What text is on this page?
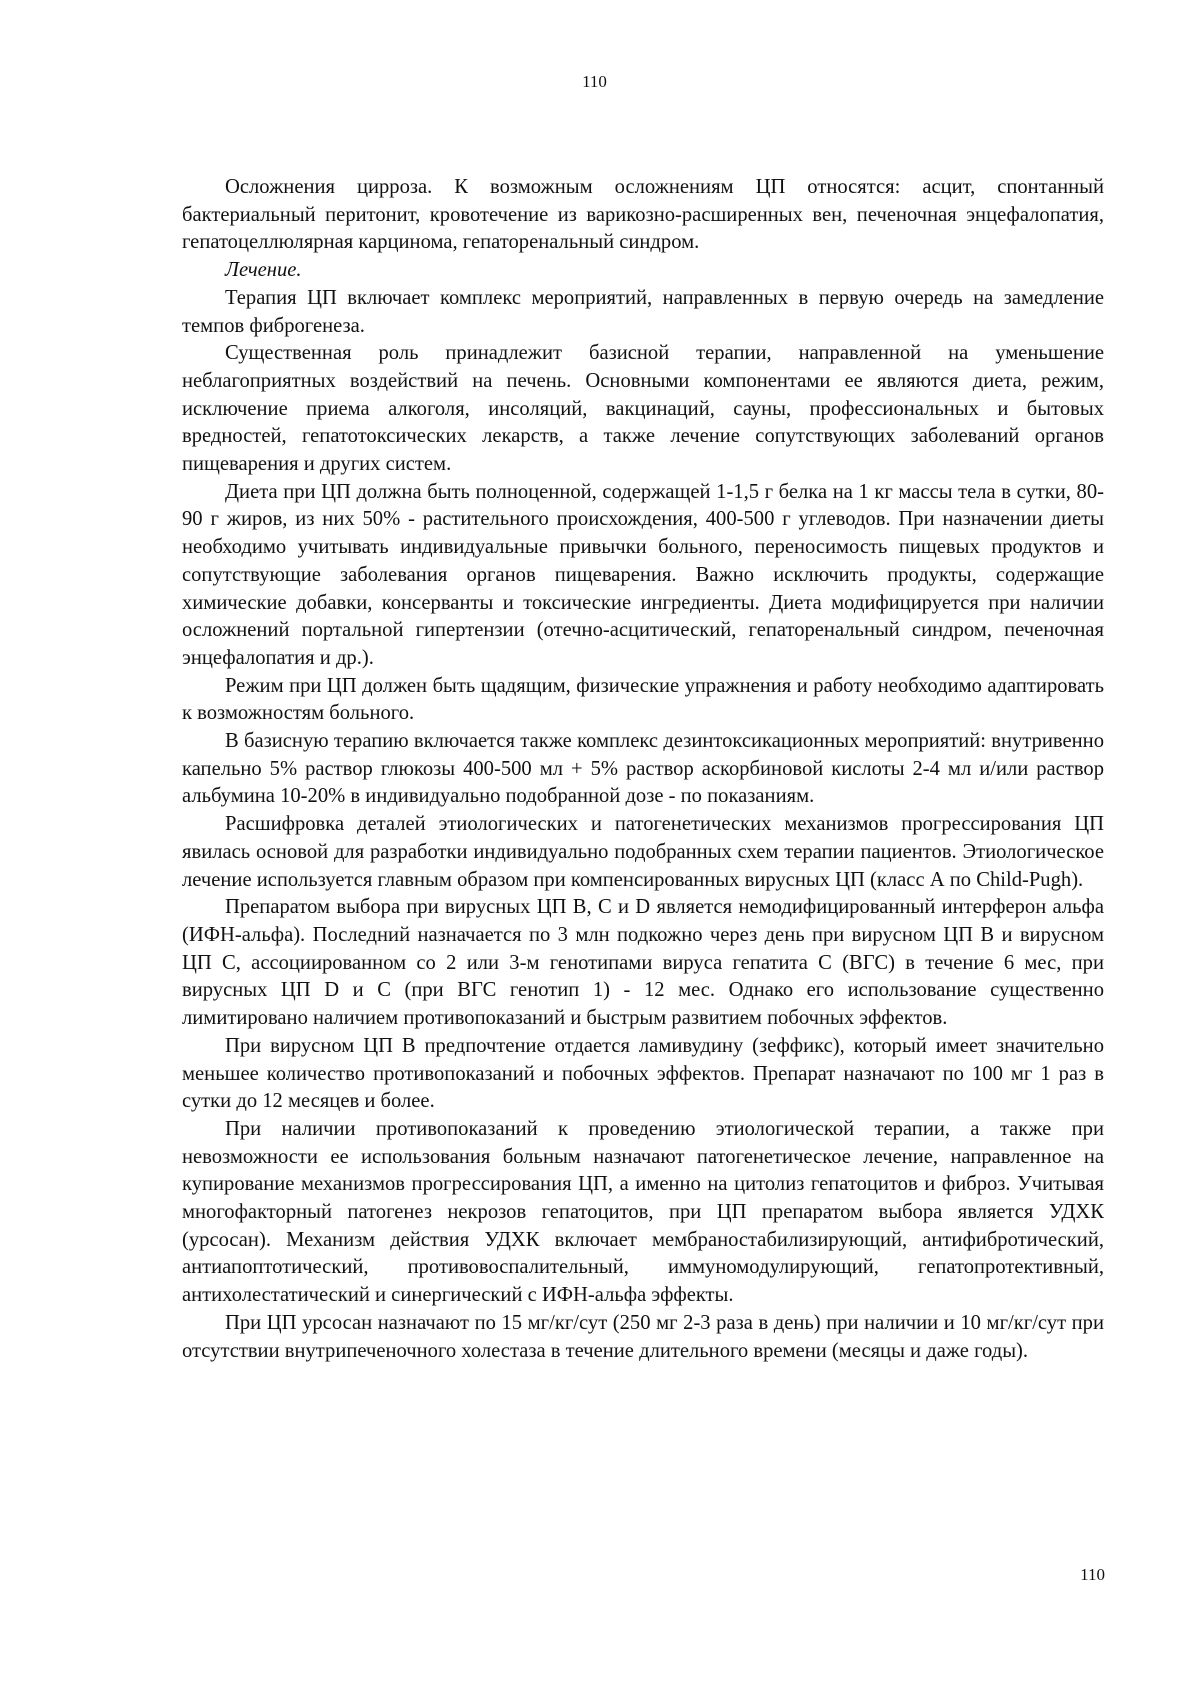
110

Осложнения цирроза. К возможным осложнениям ЦП относятся: асцит, спонтанный бактериальный перитонит, кровотечение из варикозно-расширенных вен, печеночная энцефалопатия, гепатоцеллюлярная карцинома, гепаторенальный синдром.

Лечение.

Терапия ЦП включает комплекс мероприятий, направленных в первую очередь на замедление темпов фиброгенеза.

Существенная роль принадлежит базисной терапии, направленной на уменьшение неблагоприятных воздействий на печень. Основными компонентами ее являются диета, режим, исключение приема алкоголя, инсоляций, вакцинаций, сауны, профессиональных и бытовых вредностей, гепатотоксических лекарств, а также лечение сопутствующих заболеваний органов пищеварения и других систем.

Диета при ЦП должна быть полноценной, содержащей 1-1,5 г белка на 1 кг массы тела в сутки, 80-90 г жиров, из них 50% - растительного происхождения, 400-500 г углеводов. При назначении диеты необходимо учитывать индивидуальные привычки больного, переносимость пищевых продуктов и сопутствующие заболевания органов пищеварения. Важно исключить продукты, содержащие химические добавки, консерванты и токсические ингредиенты. Диета модифицируется при наличии осложнений портальной гипертензии (отечно-асцитический, гепаторенальный синдром, печеночная энцефалопатия и др.).

Режим при ЦП должен быть щадящим, физические упражнения и работу необходимо адаптировать к возможностям больного.

В базисную терапию включается также комплекс дезинтоксикационных мероприятий: внутривенно капельно 5% раствор глюкозы 400-500 мл + 5% раствор аскорбиновой кислоты 2-4 мл и/или раствор альбумина 10-20% в индивидуально подобранной дозе - по показаниям.

Расшифровка деталей этиологических и патогенетических механизмов прогрессирования ЦП явилась основой для разработки индивидуально подобранных схем терапии пациентов. Этиологическое лечение используется главным образом при компенсированных вирусных ЦП (класс А по Child-Pugh).

Препаратом выбора при вирусных ЦП В, С и D является немодифицированный интерферон альфа (ИФН-альфа). Последний назначается по 3 млн подкожно через день при вирусном ЦП В и вирусном ЦП С, ассоциированном со 2 или 3-м генотипами вируса гепатита С (ВГС) в течение 6 мес, при вирусных ЦП D и С (при ВГС генотип 1) - 12 мес. Однако его использование существенно лимитировано наличием противопоказаний и быстрым развитием побочных эффектов.

При вирусном ЦП В предпочтение отдается ламивудину (зеффикс), который имеет значительно меньшее количество противопоказаний и побочных эффектов. Препарат назначают по 100 мг 1 раз в сутки до 12 месяцев и более.

При наличии противопоказаний к проведению этиологической терапии, а также при невозможности ее использования больным назначают патогенетическое лечение, направленное на купирование механизмов прогрессирования ЦП, а именно на цитолиз гепатоцитов и фиброз. Учитывая многофакторный патогенез некрозов гепатоцитов, при ЦП препаратом выбора является УДХК (урсосан). Механизм действия УДХК включает мембраностабилизирующий, антифибротический, антиапоптотический, противовоспалительный, иммуномодулирующий, гепатопротективный, антихолестатический и синергический с ИФН-альфа эффекты.

При ЦП урсосан назначают по 15 мг/кг/сут (250 мг 2-3 раза в день) при наличии и 10 мг/кг/сут при отсутствии внутрипеченочного холестаза в течение длительного времени (месяцы и даже годы).

110
